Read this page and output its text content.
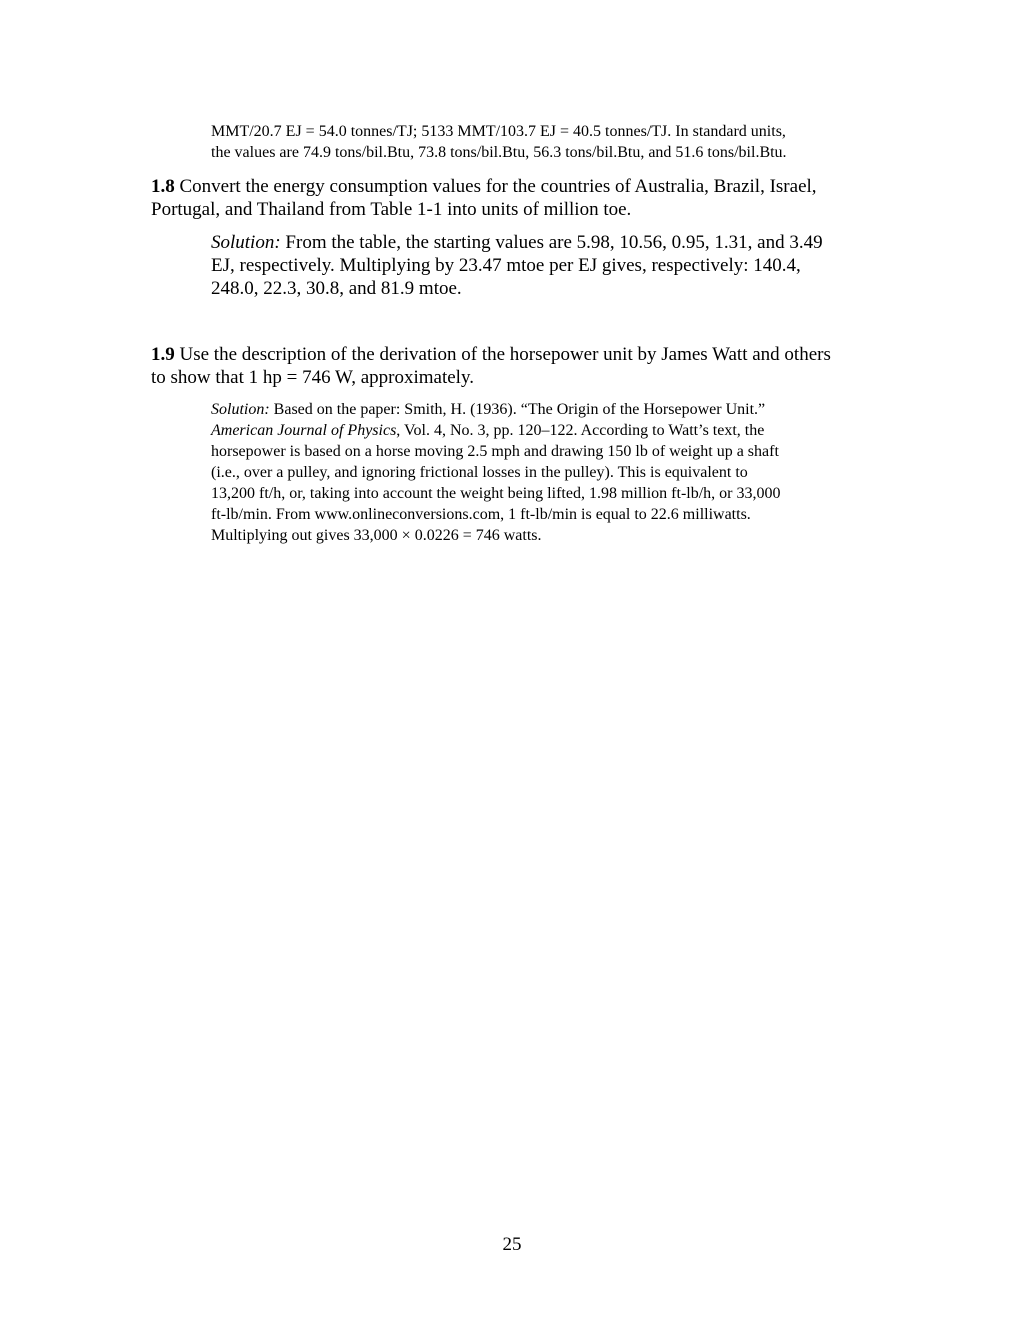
MMT/20.7 EJ = 54.0 tonnes/TJ; 5133 MMT/103.7 EJ = 40.5 tonnes/TJ. In standard units,
the values are 74.9 tons/bil.Btu, 73.8 tons/bil.Btu, 56.3 tons/bil.Btu, and 51.6 tons/bil.Btu.
1.8 Convert the energy consumption values for the countries of Australia, Brazil, Israel,
Portugal, and Thailand from Table 1-1 into units of million toe.
Solution: From the table, the starting values are 5.98, 10.56, 0.95, 1.31, and 3.49
EJ, respectively. Multiplying by 23.47 mtoe per EJ gives, respectively: 140.4,
248.0, 22.3, 30.8, and 81.9 mtoe.
1.9 Use the description of the derivation of the horsepower unit by James Watt and others
to show that 1 hp = 746 W, approximately.
Solution: Based on the paper: Smith, H. (1936). “The Origin of the Horsepower Unit.”
American Journal of Physics, Vol. 4, No. 3, pp. 120–122. According to Watt’s text, the
horsepower is based on a horse moving 2.5 mph and drawing 150 lb of weight up a shaft
(i.e., over a pulley, and ignoring frictional losses in the pulley). This is equivalent to
13,200 ft/h, or, taking into account the weight being lifted, 1.98 million ft-lb/h, or 33,000
ft-lb/min. From www.onlineconversions.com, 1 ft-lb/min is equal to 22.6 milliwatts.
Multiplying out gives 33,000 × 0.0226 = 746 watts.
25
